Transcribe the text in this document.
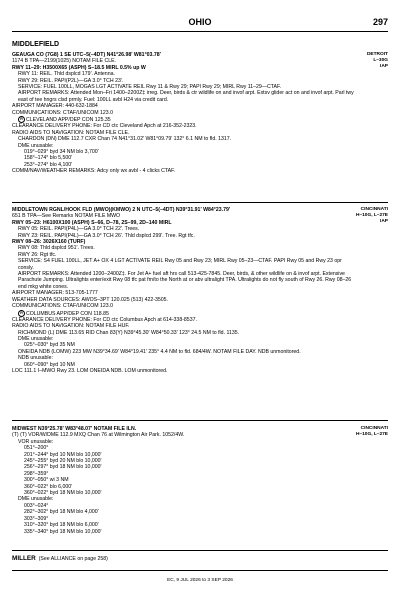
OHIO	297
MIDDLEFIELD
DETROIT
L–30G
IAP
GEAUGA CO (7G8) 1 SE UTC–5(–4DT) N41°26.98′ W81°03.78′
1174 B TPA—2199(1025) NOTAM FILE CLE.
RWY 11–29: H3500X65 (ASPH) S–18.5 MIRL 0.5% up W
RWY 11: REIL. Thld dsplcd 179′. Antenna.
RWY 29: REIL. PAPI(P2L)—GA 3.0° TCH 23′.
SERVICE: FUEL 100LL, MOGAS LGT ACTIVATE REIL Rwy 11 & Rwy 29; PAPI Rwy 29; MIRL Rwy 11–29—CTAF.
AIRPORT REMARKS: Attended Mon–Fri 1400–2200Z‡ irreg. Deer, birds & ctr wildlife on and invof arpt. Extsv glider act on and invof arpt. Parl twy east of tee hngrs clsd prmly. Fuel: 100LL avbl H24 via credit card.
AIRPORT MANAGER: 440-632-1884
COMMUNICATIONS: CTAF/UNICOM 123.0
R CLEVELAND APP/DEP CON 125.35
CLEARANCE DELIVERY PHONE: For CD ctc Cleveland Apch at 216-352-2323.
RADIO AIDS TO NAVIGATION: NOTAM FILE CLE.
CHARDON (DN) DME 112.7 CXR Chan 74 N41°31.02′ W81°09.79′ 132° 6.1 NM to fld. 1317.
DME unusable:
019°–029° byd 34 NM blo 3,700′
158°–174° blo 5,500′
253°–274° blo 4,100′
COMM/NAV/WEATHER REMARKS: Adcy only wx avbl - 4 clicks CTAF.
CINCINNATI
H–10G, L–27E
IAP
MIDDLETOWN RGNL/HOOK FLD (MWO)(KMWO) 2 N UTC–5(–4DT) N39°31.91′ W84°23.79′
651 B TPA—See Remarks NOTAM FILE MWO
RWY 05–23: H6100X100 (ASPH) S–66, D–78, 2S–99, 2D–140 MIRL
RWY 05: REIL. PAPI(P4L)—GA 3.0° TCH 22′. Trees.
RWY 23: REIL. PAPI(P4L)—GA 3.0° TCH 26′. Thld dsplcd 299′. Tree. Rgt tfc.
RWY 08–26: 3026X160 (TURF)
RWY 08: Thld dsplcd 951′. Trees.
RWY 26: Rgt tfc.
SERVICE: S4 FUEL 100LL, JET A+ OX 4 LGT ACTIVATE REIL Rwy 05 and Rwy 23; MIRL Rwy 05–23—CTAF. PAPI Rwy 05 and Rwy 23 opr consly.
AIRPORT REMARKS: Attended 1200–2400Z‡. For Jet A+ fuel aft hrs call 513-425-7845. Deer, birds, & other wildlife on & invof arpt. Extensive Parachute Jumping. Ultralights enter/exit Rwy 08 tfc pat fm/to the North at or abv ultralight TPA. Ultralights do not fly south of Rwy 26. Rwy 08–26 end mkg white cones.
AIRPORT MANAGER: 513-705-1777
WEATHER DATA SOURCES: AWOS–3PT 120.025 (513) 422-3505.
COMMUNICATIONS: CTAF/UNICOM 123.0
R COLUMBUS APP/DEP CON 118.85
CLEARANCE DELIVERY PHONE: For CD ctc Columbus Apch at 614-338-8537.
RADIO AIDS TO NAVIGATION: NOTAM FILE HUF.
RICHMOND (L) DME 113.65 RID Chan 83(Y) N39°45.30′ W84°50.33′ 123° 24.5 NM to fld. 1135.
DME unusable:
025°–030° byd 35 NM
ONEIDA NDB (LOMW) 223 MW N39°34.69′ W84°19.41′ 235° 4.4 NM to fld. 684/4W. NOTAM FILE DAY. NDB unmonitored.
NDB unusable:
060°–090° byd 10 NM
LOC 111.1 I–MWO Rwy 23. LOM ONEIDA NDB. LOM unmonitored.
CINCINNATI
H–10G, L–27E
MIDWEST N39°25.78′ W83°48.07′ NOTAM FILE ILN.
(T) (T) VOR/W/DME 112.9 MXQ Chan 76 at Wilmington Air Park. 1052/4W.
VOR unusable:
051°–200°
201°–244° byd 10 NM blo 10,000′
245°–255° byd 20 NM blo 10,000′
256°–297° byd 18 NM blo 10,000′
298°–359°
300°–050° wi 3 NM
360°–022° blo 6,000′
360°–022° byd 18 NM blo 10,000′
DME unusable:
003°–024°
282°–302° byd 18 NM blo 4,000′
303°–309°
310°–320° byd 18 NM blo 6,000′
335°–340° byd 18 NM blo 10,000′
MILLER (See ALLIANCE on page 258)
EC, 9 JUL 2026 to 3 SEP 2026
